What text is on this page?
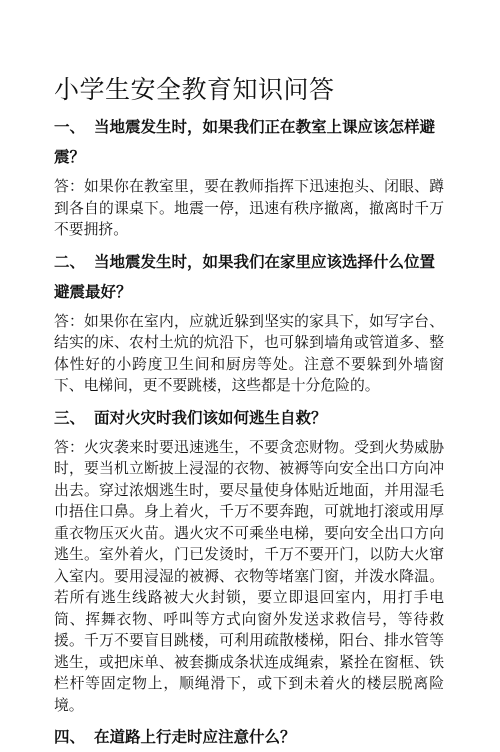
小学生安全教育知识问答

一、 当地震发生时，如果我们正在教室上课应该怎样避震？

答：如果你在教室里，要在教师指挥下迅速抱头、闭眼、蹲到各自的课桌下。地震一停，迅速有秩序撤离，撤离时千万不要拥挤。

二、 当地震发生时，如果我们在家里应该选择什么位置避震最好？

答：如果你在室内，应就近躲到坚实的家具下，如写字台、结实的床、农村土炕的炕沿下，也可躲到墙角或管道多、整体性好的小跨度卫生间和厨房等处。注意不要躲到外墙窗下、电梯间，更不要跳楼，这些都是十分危险的。

三、 面对火灾时我们该如何逃生自救？

答：火灾袭来时要迅速逃生，不要贪恋财物。受到火势威胁时，要当机立断披上浸湿的衣物、被褥等向安全出口方向冲出去。穿过浓烟逃生时，要尽量使身体贴近地面，并用湿毛巾捂住口鼻。身上着火，千万不要奔跑，可就地打滚或用厚重衣物压灭火苗。遇火灾不可乘坐电梯，要向安全出口方向逃生。室外着火，门已发烫时，千万不要开门，以防大火窜入室内。要用浸湿的被褥、衣物等堵塞门窗，并泼水降温。若所有逃生线路被大火封锁，要立即退回室内，用打手电筒、挥舞衣物、呼叫等方式向窗外发送求救信号，等待救援。千万不要盲目跳楼，可利用疏散楼梯，阳台、排水管等逃生，或把床单、被套撕成条状连成绳索，紧拴在窗框、铁栏杆等固定物上，顺绳滑下，或下到未着火的楼层脱离险境。

四、 在道路上行走时应注意什么？
